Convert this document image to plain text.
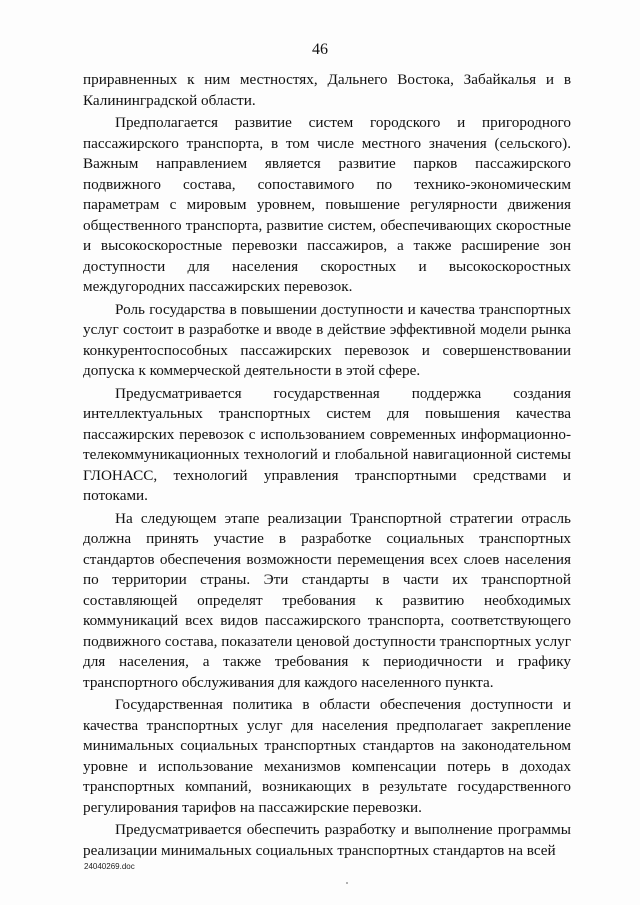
46

приравненных к ним местностях, Дальнего Востока, Забайкалья и в Калининградской области.

Предполагается развитие систем городского и пригородного пассажирского транспорта, в том числе местного значения (сельского). Важным направлением является развитие парков пассажирского подвижного состава, сопоставимого по технико-экономическим параметрам с мировым уровнем, повышение регулярности движения общественного транспорта, развитие систем, обеспечивающих скоростные и высокоскоростные перевозки пассажиров, а также расширение зон доступности для населения скоростных и высокоскоростных междугородних пассажирских перевозок.

Роль государства в повышении доступности и качества транспортных услуг состоит в разработке и вводе в действие эффективной модели рынка конкурентоспособных пассажирских перевозок и совершенствовании допуска к коммерческой деятельности в этой сфере.

Предусматривается государственная поддержка создания интеллектуальных транспортных систем для повышения качества пассажирских перевозок с использованием современных информационно-телекоммуникационных технологий и глобальной навигационной системы ГЛОНАСС, технологий управления транспортными средствами и потоками.

На следующем этапе реализации Транспортной стратегии отрасль должна принять участие в разработке социальных транспортных стандартов обеспечения возможности перемещения всех слоев населения по территории страны. Эти стандарты в части их транспортной составляющей определят требования к развитию необходимых коммуникаций всех видов пассажирского транспорта, соответствующего подвижного состава, показатели ценовой доступности транспортных услуг для населения, а также требования к периодичности и графику транспортного обслуживания для каждого населенного пункта.

Государственная политика в области обеспечения доступности и качества транспортных услуг для населения предполагает закрепление минимальных социальных транспортных стандартов на законодательном уровне и использование механизмов компенсации потерь в доходах транспортных компаний, возникающих в результате государственного регулирования тарифов на пассажирские перевозки.

Предусматривается обеспечить разработку и выполнение программы реализации минимальных социальных транспортных стандартов на всей

24040269.doc
